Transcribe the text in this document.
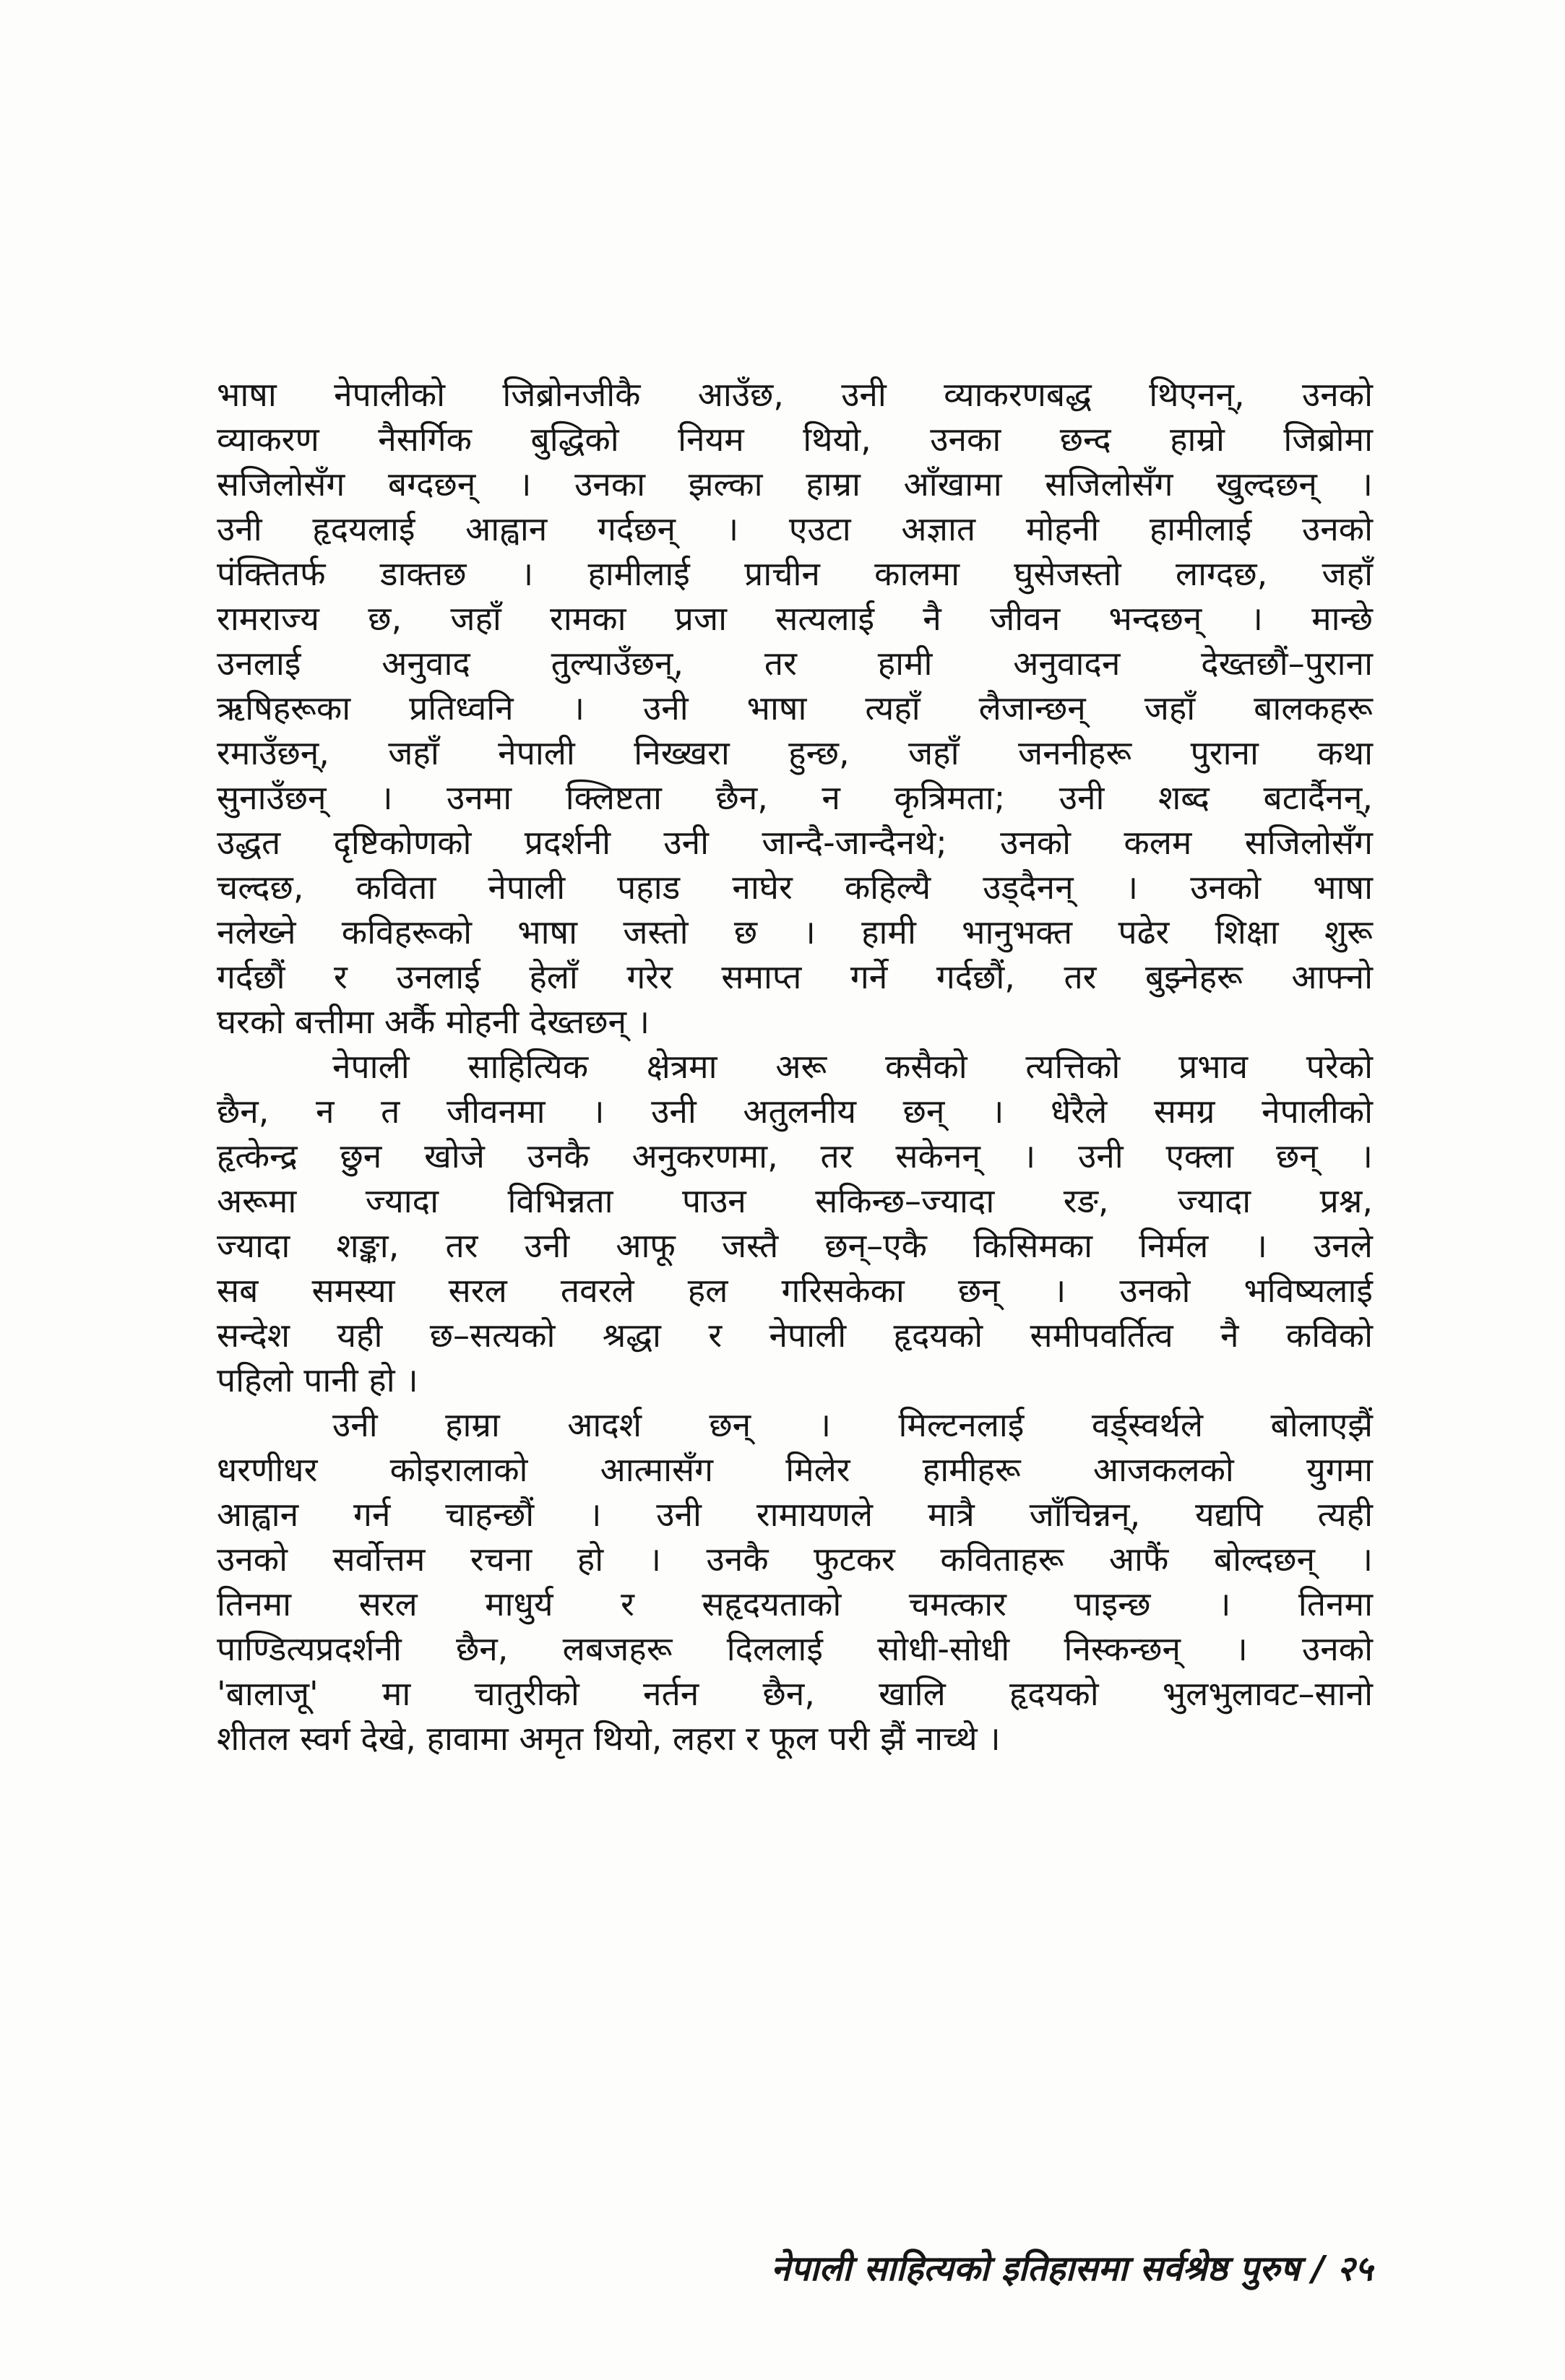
भाषा नेपालीको जिब्रोनजीकै आउँछ, उनी व्याकरणबद्ध थिएनन्, उनको
व्याकरण नैसर्गिक बुद्धिको नियम थियो, उनका छन्द हाम्रो जिब्रोमा
सजिलोसँग बग्दछन् । उनका झल्का हाम्रा आँखामा सजिलोसँग खुल्दछन् ।
उनी हृदयलाई आह्वान गर्दछन् । एउटा अज्ञात मोहनी हामीलाई उनको
पंक्तितर्फ डाक्तछ । हामीलाई प्राचीन कालमा घुसेजस्तो लाग्दछ, जहाँ
रामराज्य छ, जहाँ रामका प्रजा सत्यलाई नै जीवन भन्दछन् । मान्छे
उनलाई अनुवाद तुल्याउँछन्, तर हामी अनुवादन देख्तछौं–पुराना
ऋषिहरूका प्रतिध्वनि । उनी भाषा त्यहाँ लैजान्छन् जहाँ बालकहरू
रमाउँछन्, जहाँ नेपाली निख्खरा हुन्छ, जहाँ जननीहरू पुराना कथा
सुनाउँछन् । उनमा क्लिष्टता छैन, न कृत्रिमता; उनी शब्द बटार्दैनन्,
उद्धत दृष्टिकोणको प्रदर्शनी उनी जान्दै-जान्दैनथे; उनको कलम सजिलोसँग
चल्दछ, कविता नेपाली पहाड नाघेर कहिल्यै उड्दैनन् । उनको भाषा
नलेख्ने कविहरूको भाषा जस्तो छ । हामी भानुभक्त पढेर शिक्षा शुरू
गर्दछौं र उनलाई हेलाँ गरेर समाप्त गर्ने गर्दछौं, तर बुझ्नेहरू आफ्नो
घरको बत्तीमा अर्कै मोहनी देख्तछन् ।
नेपाली साहित्यिक क्षेत्रमा अरू कसैको त्यत्तिको प्रभाव परेको
छैन, न त जीवनमा । उनी अतुलनीय छन् । धेरैले समग्र नेपालीको
हृत्केन्द्र छुन खोजे उनकै अनुकरणमा, तर सकेनन् । उनी एक्ला छन् ।
अरूमा ज्यादा विभिन्नता पाउन सकिन्छ–ज्यादा रङ, ज्यादा प्रश्न,
ज्यादा शङ्का, तर उनी आफू जस्तै छन्–एकै किसिमका निर्मल । उनले
सब समस्या सरल तवरले हल गरिसकेका छन् । उनको भविष्यलाई
सन्देश यही छ–सत्यको श्रद्धा र नेपाली हृदयको समीपवर्तित्व नै कविको
पहिलो पानी हो ।
उनी हाम्रा आदर्श छन् । मिल्टनलाई वर्ड्स्वर्थले बोलाएझैं
धरणीधर कोइरालाको आत्मासँग मिलेर हामीहरू आजकलको युगमा
आह्वान गर्न चाहन्छौं । उनी रामायणले मात्रै जाँचिन्नन्, यद्यपि त्यही
उनको सर्वोत्तम रचना हो । उनकै फुटकर कविताहरू आफैं बोल्दछन् ।
तिनमा सरल माधुर्य र सहृदयताको चमत्कार पाइन्छ । तिनमा
पाण्डित्यप्रदर्शनी छैन, लबजहरू दिललाई सोधी-सोधी निस्कन्छन् । उनको
'बालाजू' मा चातुरीको नर्तन छैन, खालि हृदयको भुलभुलावट–सानो
शीतल स्वर्ग देखे, हावामा अमृत थियो, लहरा र फूल परी झैं नाच्थे ।
नेपाली साहित्यको इतिहासमा सर्वश्रेष्ठ पुरुष / २५
